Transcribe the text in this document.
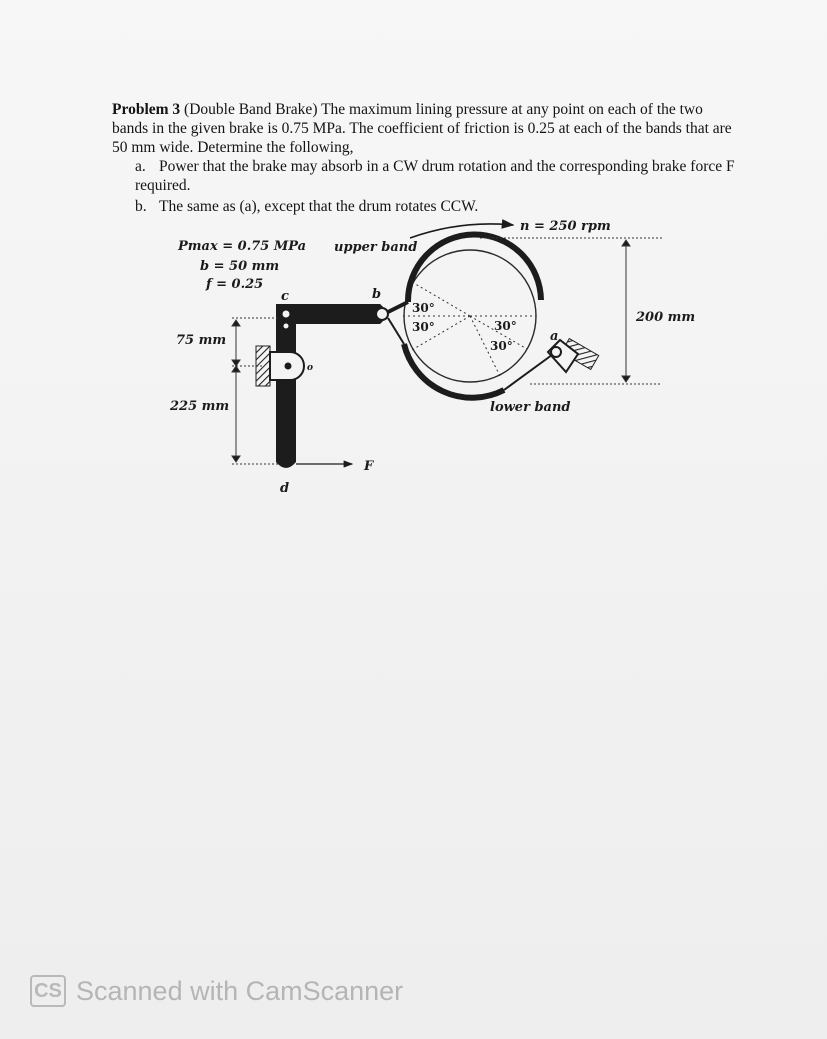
Problem 3 (Double Band Brake) The maximum lining pressure at any point on each of the two bands in the given brake is 0.75 MPa. The coefficient of friction is 0.25 at each of the bands that are 50 mm wide. Determine the following,
a. Power that the brake may absorb in a CW drum rotation and the corresponding brake force F required.
b. The same as (a), except that the drum rotates CCW.
n = 250 rpm
Pmax = 0.75 MPa
b = 50 mm
f = 0.25
upper band
lower band
200 mm
75 mm
225 mm
F
c	b
a
d
o
30°
30°	30°
30°
CS Scanned with CamScanner
